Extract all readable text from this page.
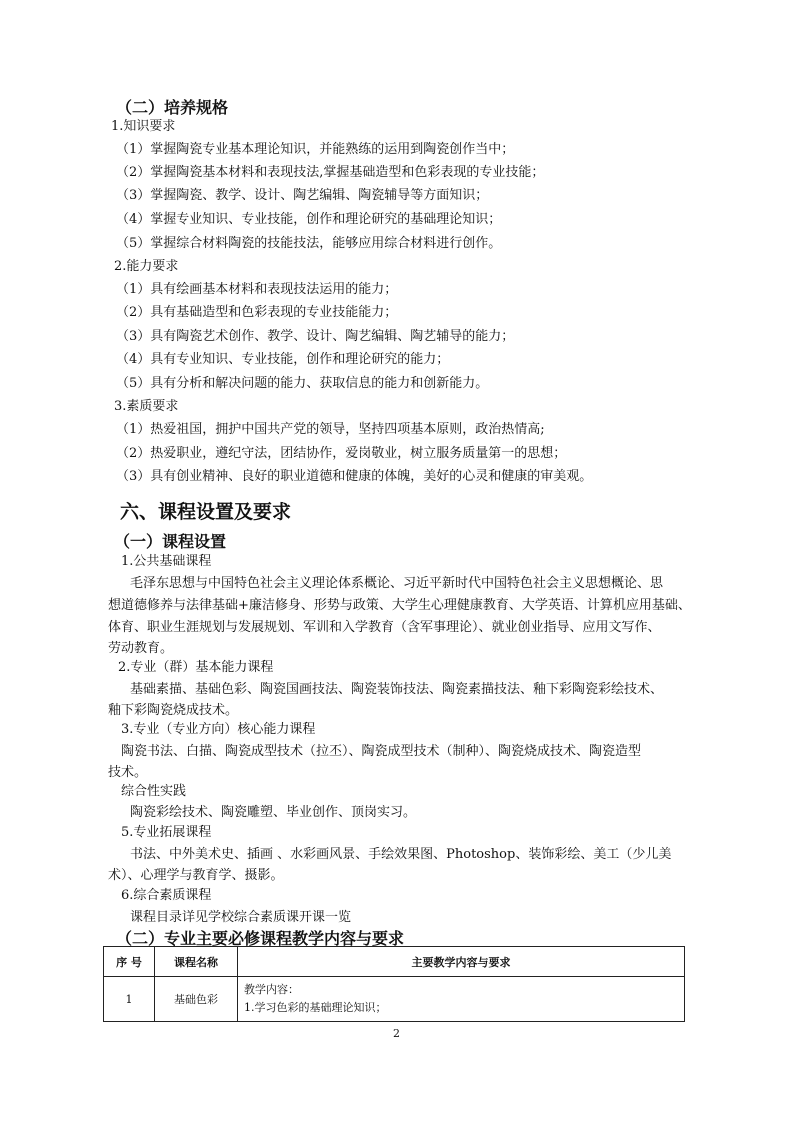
（二）培养规格
1.知识要求
（1）掌握陶瓷专业基本理论知识，并能熟练的运用到陶瓷创作当中；
（2）掌握陶瓷基本材料和表现技法,掌握基础造型和色彩表现的专业技能；
（3）掌握陶瓷、教学、设计、陶艺编辑、陶瓷辅导等方面知识；
（4）掌握专业知识、专业技能，创作和理论研究的基础理论知识；
（5）掌握综合材料陶瓷的技能技法，能够应用综合材料进行创作。
2.能力要求
（1）具有绘画基本材料和表现技法运用的能力；
（2）具有基础造型和色彩表现的专业技能能力；
（3）具有陶瓷艺术创作、教学、设计、陶艺编辑、陶艺辅导的能力；
（4）具有专业知识、专业技能，创作和理论研究的能力；
（5）具有分析和解决问题的能力、获取信息的能力和创新能力。
3.素质要求
（1）热爱祖国，拥护中国共产党的领导，坚持四项基本原则，政治热情高;
（2）热爱职业，遵纪守法，团结协作，爱岗敬业，树立服务质量第一的思想；
（3）具有创业精神、良好的职业道德和健康的体魄，美好的心灵和健康的审美观。
六、课程设置及要求
（一）课程设置
1.公共基础课程
毛泽东思想与中国特色社会主义理论体系概论、习近平新时代中国特色社会主义思想概论、思
想道德修养与法律基础+廉洁修身、形势与政策、大学生心理健康教育、大学英语、计算机应用基础、
体育、职业生涯规划与发展规划、军训和入学教育（含军事理论）、就业创业指导、应用文写作、
劳动教育。
2.专业（群）基本能力课程
基础素描、基础色彩、陶瓷国画技法、陶瓷装饰技法、陶瓷素描技法、釉下彩陶瓷彩绘技术、
釉下彩陶瓷烧成技术。
3.专业（专业方向）核心能力课程
陶瓷书法、白描、陶瓷成型技术（拉丕）、陶瓷成型技术（制种）、陶瓷烧成技术、陶瓷造型
技术。
综合性实践
陶瓷彩绘技术、陶瓷雕塑、毕业创作、顶岗实习。
5.专业拓展课程
书法、中外美术史、插画 、水彩画风景、手绘效果图、Photoshop、装饰彩绘、美工（少儿美
术）、心理学与教育学、摄影。
6.综合素质课程
课程目录详见学校综合素质课开课一览
（二）专业主要必修课程教学内容与要求
序 号	课程名称	主要教学内容与要求
1	基础色彩	教学内容：
1.学习色彩的基础理论知识；
2
